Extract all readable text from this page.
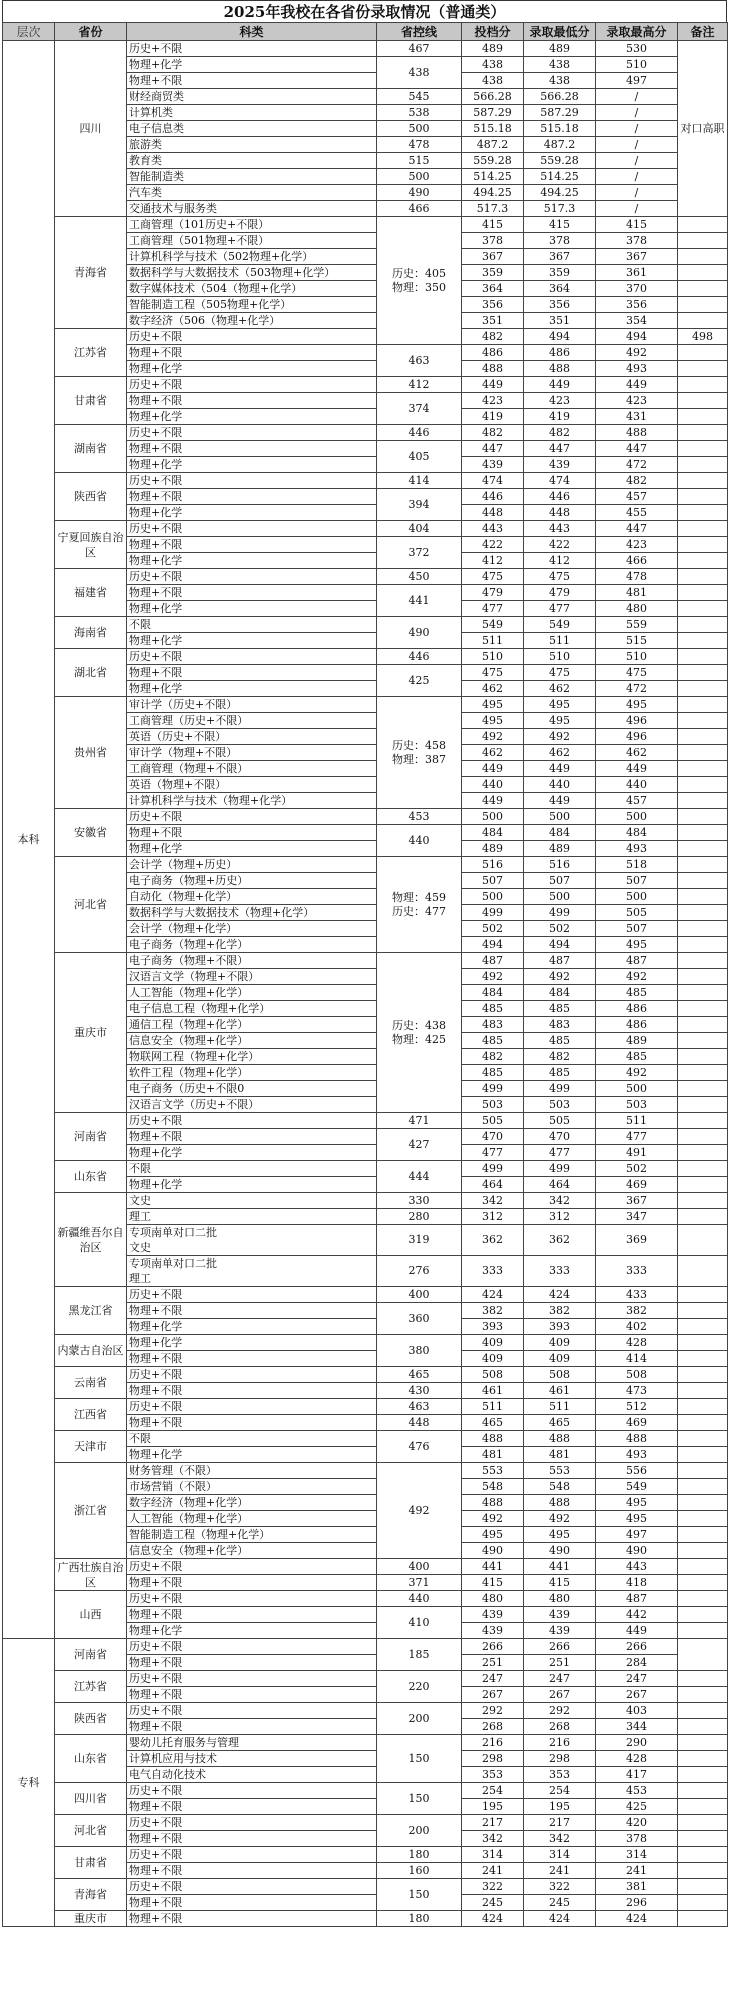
2025年我校在各省份录取情况（普通类）
层次	省份	科类	省控线	投档分	录取最低分	录取最高分	备注	
本科	四川	历史+不限	467	489	489	530	对口高职	
		物理+化学	438	438	438	510		
		物理+不限		438	438	497		
		财经商贸类	545	566.28	566.28	/		
		计算机类	538	587.29	587.29	/		
		电子信息类	500	515.18	515.18	/		
		旅游类	478	487.2	487.2	/		
		教育类	515	559.28	559.28	/		
		智能制造类	500	514.25	514.25	/		
		汽车类	490	494.25	494.25	/		
		交通技术与服务类	466	517.3	517.3	/		
	青海省	工商管理（101历史+不限）	历史：405
物理：350	415	415	415		
		工商管理（501物理+不限）		378	378	378		
		计算机科学与技术（502物理+化学）		367	367	367		
		数据科学与大数据技术（503物理+化学）		359	359	361		
		数字媒体技术（504（物理+化学）		364	364	370		
		智能制造工程（505物理+化学）		356	356	356		
		数字经济（506（物理+化学）		351	351	354		
	江苏省	历史+不限		482	494	494	498	
		物理+不限	463	486	486	492		
		物理+化学		488	488	493		
	甘肃省	历史+不限	412	449	449	449		
		物理+不限	374	423	423	423		
		物理+化学		419	419	431		
	湖南省	历史+不限	446	482	482	488		
		物理+不限	405	447	447	447		
		物理+化学		439	439	472		
	陕西省	历史+不限	414	474	474	482		
		物理+不限	394	446	446	457		
		物理+化学		448	448	455		
	宁夏回族自治区	历史+不限	404	443	443	447		
		物理+不限	372	422	422	423		
		物理+化学		412	412	466		
	福建省	历史+不限	450	475	475	478		
		物理+不限	441	479	479	481		
		物理+化学		477	477	480		
	海南省	不限	490	549	549	559		
		物理+化学		511	511	515		
	湖北省	历史+不限	446	510	510	510		
		物理+不限	425	475	475	475		
		物理+化学		462	462	472		
	贵州省	审计学（历史+不限）	历史：458
物理：387	495	495	495		
		工商管理（历史+不限）		495	495	496		
		英语（历史+不限）		492	492	496		
		审计学（物理+不限）		462	462	462		
		工商管理（物理+不限）		449	449	449		
		英语（物理+不限）		440	440	440		
		计算机科学与技术（物理+化学）		449	449	457		
	安徽省	历史+不限	453	500	500	500		
		物理+不限	440	484	484	484		
		物理+化学		489	489	493		
	河北省	会计学（物理+历史）	物理：459
历史：477	516	516	518		
		电子商务（物理+历史）		507	507	507		
		自动化（物理+化学）		500	500	500		
		数据科学与大数据技术（物理+化学）		499	499	505		
		会计学（物理+化学）		502	502	507		
		电子商务（物理+化学）		494	494	495		
	重庆市	电子商务（物理+不限）	历史：438
物理：425	487	487	487		
		汉语言文学（物理+不限）		492	492	492		
		人工智能（物理+化学）		484	484	485		
		电子信息工程（物理+化学）		485	485	486		
		通信工程（物理+化学）		483	483	486		
		信息安全（物理+化学）		485	485	489		
		物联网工程（物理+化学）		482	482	485		
		软件工程（物理+化学）		485	485	492		
		电子商务（历史+不限0		499	499	500		
		汉语言文学（历史+不限）		503	503	503		
	河南省	历史+不限	471	505	505	511		
		物理+不限	427	470	470	477		
		物理+化学		477	477	491		
	山东省	不限	444	499	499	502		
		物理+化学		464	464	469		
	新疆维吾尔自治区	文史	330	342	342	367		
		理工	280	312	312	347		
		专项南单对口二批
文史	319	362	362	369		
		专项南单对口二批
理工	276	333	333	333		
	黑龙江省	历史+不限	400	424	424	433		
		物理+不限	360	382	382	382		
		物理+化学		393	393	402		
	内蒙古自治区	物理+化学	380	409	409	428		
		物理+不限		409	409	414		
	云南省	历史+不限	465	508	508	508		
		物理+不限	430	461	461	473		
	江西省	历史+不限	463	511	511	512		
		物理+不限	448	465	465	469		
	天津市	不限	476	488	488	488		
		物理+化学		481	481	493		
	浙江省	财务管理（不限）	492	553	553	556		
		市场营销（不限）		548	548	549		
		数字经济（物理+化学）		488	488	495		
		人工智能（物理+化学）		492	492	495		
		智能制造工程（物理+化学）		495	495	497		
		信息安全（物理+化学）		490	490	490		
	广西壮族自治区	历史+不限	400	441	441	443		
		物理+不限	371	415	415	418		
	山西	历史+不限	440	480	480	487		
		物理+不限	410	439	439	442		
		物理+化学		439	439	449		
专科	河南省	历史+不限	185	266	266	266		
		物理+不限		251	251	284		
	江苏省	历史+不限	220	247	247	247		
		物理+不限		267	267	267		
	陕西省	历史+不限	200	292	292	403		
		物理+不限		268	268	344		
	山东省	婴幼儿托育服务与管理	150	216	216	290		
		计算机应用与技术		298	298	428		
		电气自动化技术		353	353	417		
	四川省	历史+不限	150	254	254	453		
		物理+不限		195	195	425		
	河北省	历史+不限	200	217	217	420		
		物理+不限		342	342	378		
	甘肃省	历史+不限	180	314	314	314		
		物理+不限	160	241	241	241		
	青海省	历史+不限	150	322	322	381		
		物理+不限		245	245	296		
	重庆市	物理+不限	180	424	424	424		
